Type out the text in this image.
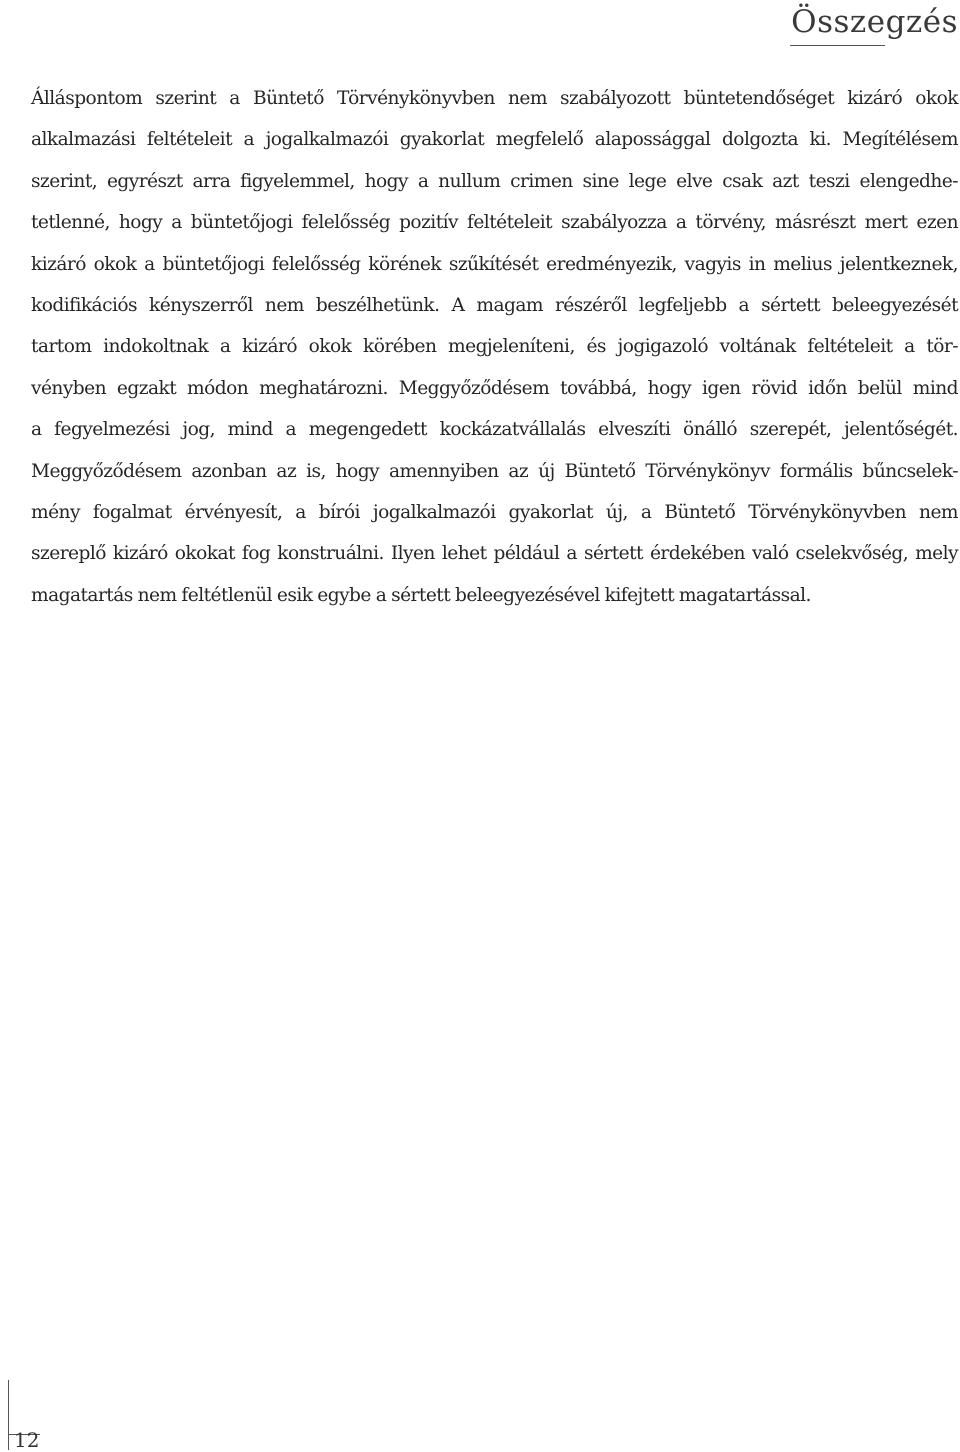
Összegzés
Álláspontom szerint a Büntető Törvénykönyvben nem szabályozott büntetendőséget kizáró okok
alkalmazási feltételeit a jogalkalmazói gyakorlat megfelelő alapossággal dolgozta ki. Megítélésem
szerint, egyrészt arra figyelemmel, hogy a nullum crimen sine lege elve csak azt teszi elengedhe-
tetlenné, hogy a büntetőjogi felelősség pozitív feltételeit szabályozza a törvény, másrészt mert ezen
kizáró okok a büntetőjogi felelősség körének szűkítését eredményezik, vagyis in melius jelentkeznek,
kodifikációs kényszerről nem beszélhetünk. A magam részéről legfeljebb a sértett beleegyezését
tartom indokoltnak a kizáró okok körében megjeleníteni, és jogigazoló voltának feltételeit a tör-
vényben egzakt módon meghatározni. Meggyőződésem továbbá, hogy igen rövid időn belül mind
a fegyelmezési jog, mind a megengedett kockázatvállalás elveszíti önálló szerepét, jelentőségét.
Meggyőződésem azonban az is, hogy amennyiben az új Büntető Törvénykönyv formális bűncselek-
mény fogalmat érvényesít, a bírói jogalkalmazói gyakorlat új, a Büntető Törvénykönyvben nem
szereplő kizáró okokat fog konstruálni. Ilyen lehet például a sértett érdekében való cselekvőség, mely
magatartás nem feltétlenül esik egybe a sértett beleegyezésével kifejtett magatartással.
12
